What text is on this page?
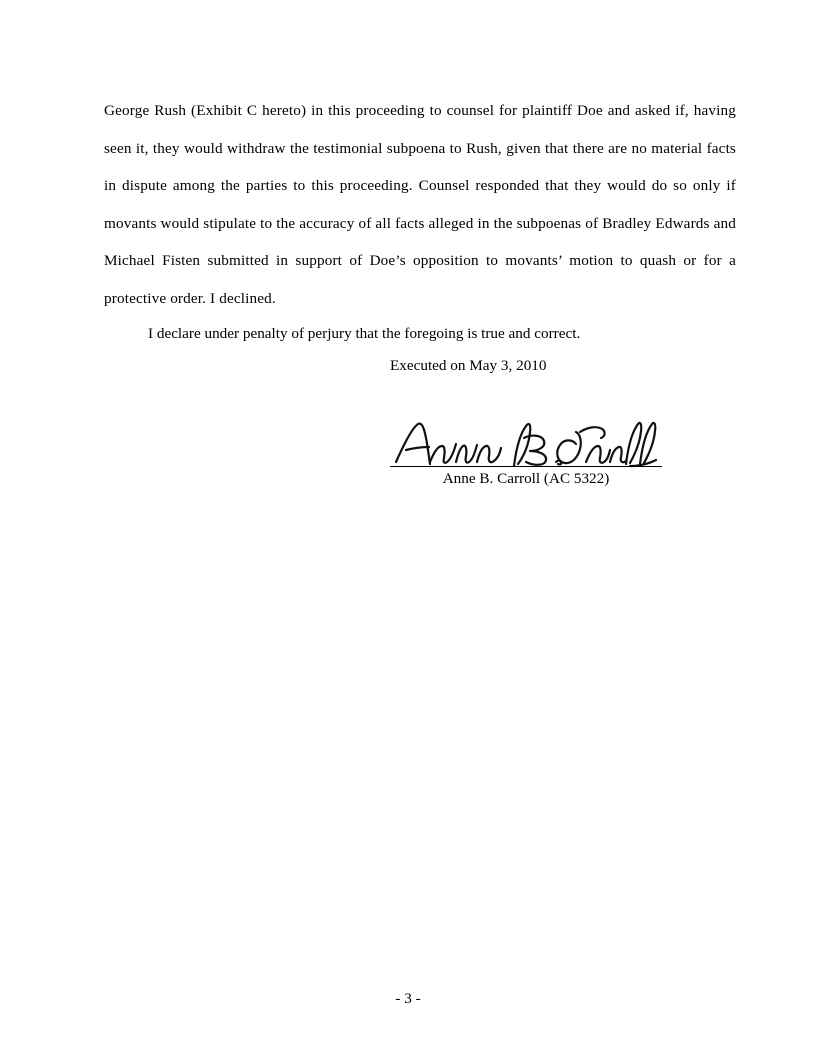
George Rush (Exhibit C hereto) in this proceeding to counsel for plaintiff Doe and asked if, having seen it, they would withdraw the testimonial subpoena to Rush, given that there are no material facts in dispute among the parties to this proceeding. Counsel responded that they would do so only if movants would stipulate to the accuracy of all facts alleged in the subpoenas of Bradley Edwards and Michael Fisten submitted in support of Doe’s opposition to movants’ motion to quash or for a protective order. I declined.

I declare under penalty of perjury that the foregoing is true and correct.

Executed on May 3, 2010

Anne B. Carroll (AC 5322)
- 3 -
